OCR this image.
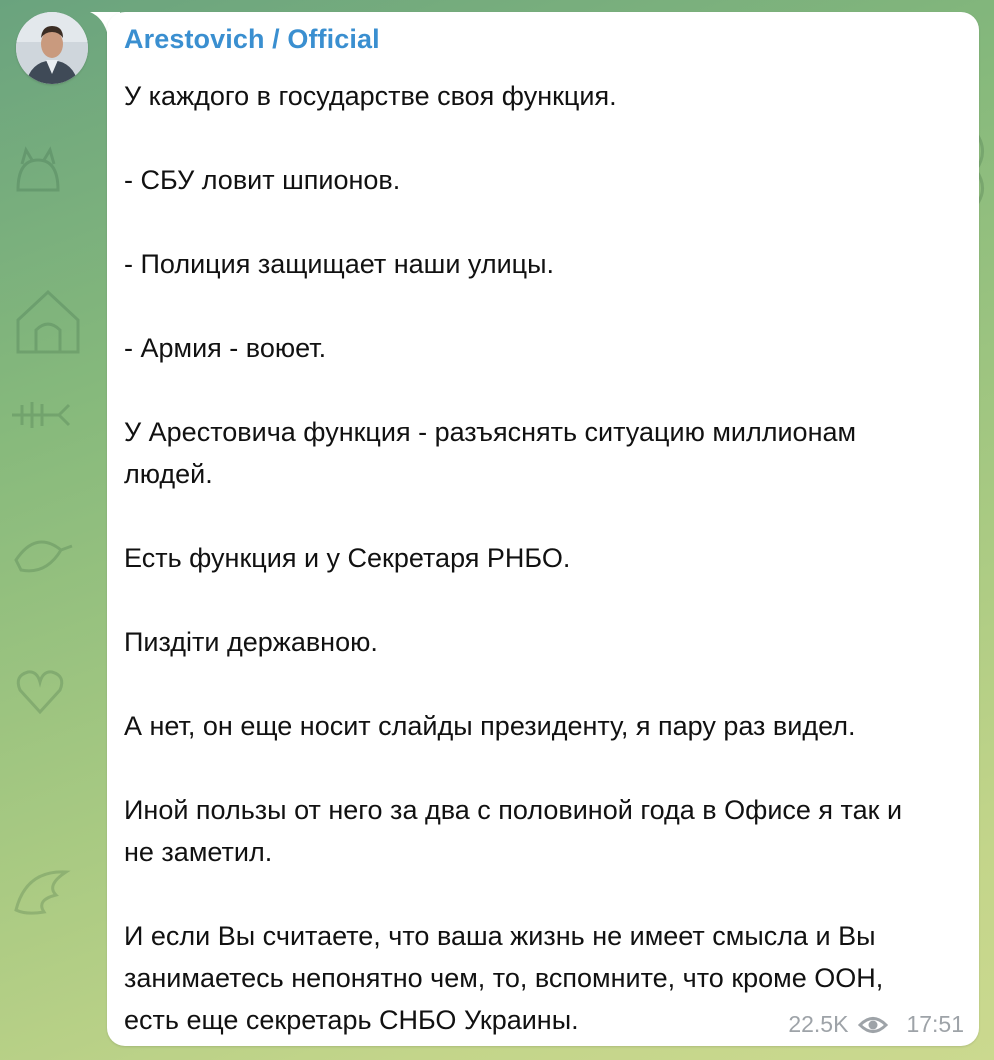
Arestovich / Official
У каждого в государстве своя функция.
- СБУ ловит шпионов.
- Полиция защищает наши улицы.
- Армия - воюет.
У Арестовича функция - разъяснять ситуацию миллионам
людей.
Есть функция и у Секретаря РНБО.
Пиздіти державною.
А нет, он еще носит слайды президенту, я пару раз видел.
Иной пользы от него за два с половиной года в Офисе я так и
не заметил.
И если Вы считаете, что ваша жизнь не имеет смысла и Вы
занимаетесь непонятно чем, то, вспомните, что кроме ООН,
есть еще секретарь СНБО Украины.	22.5K	17:51
